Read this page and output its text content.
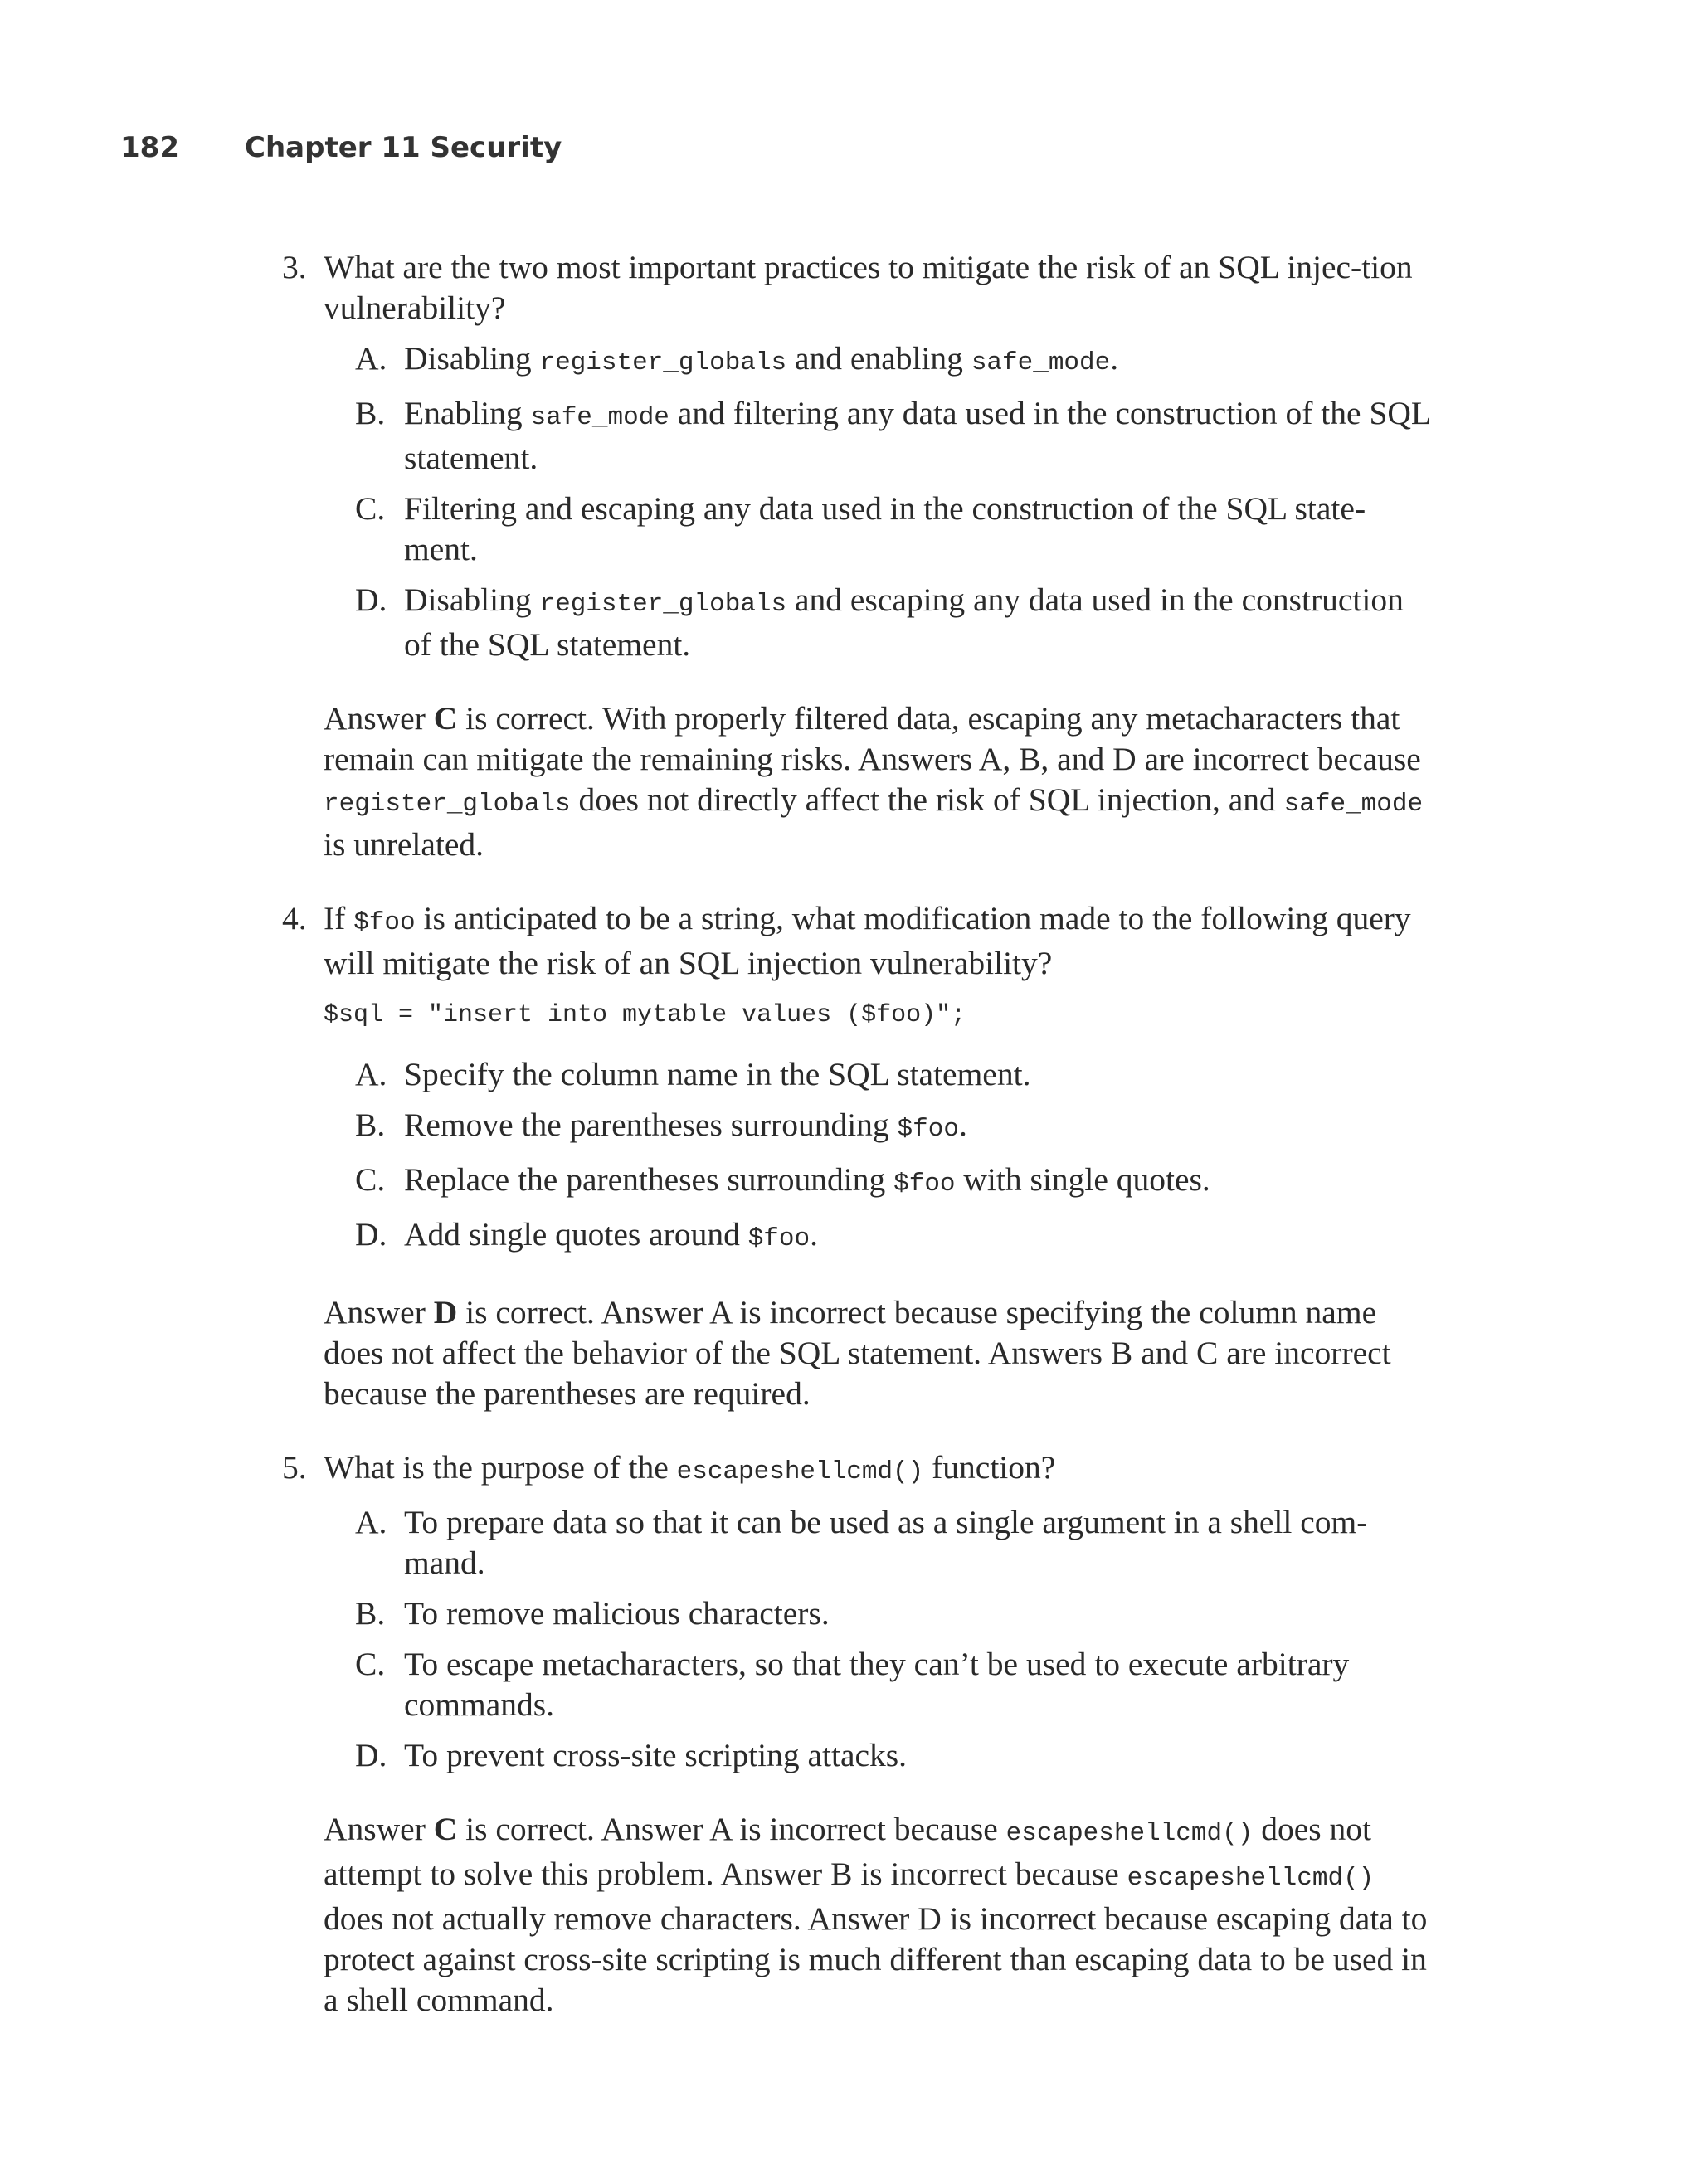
182 Chapter 11 Security
3. What are the two most important practices to mitigate the risk of an SQL injec-tion vulnerability?
A. Disabling register_globals and enabling safe_mode.
B. Enabling safe_mode and filtering any data used in the construction of the SQL statement.
C. Filtering and escaping any data used in the construction of the SQL state-ment.
D. Disabling register_globals and escaping any data used in the construction of the SQL statement.
Answer C is correct. With properly filtered data, escaping any metacharacters that remain can mitigate the remaining risks. Answers A, B, and D are incorrect because register_globals does not directly affect the risk of SQL injection, and safe_mode is unrelated.
4. If $foo is anticipated to be a string, what modification made to the following query will mitigate the risk of an SQL injection vulnerability?
$sql = "insert into mytable values ($foo)";
A. Specify the column name in the SQL statement.
B. Remove the parentheses surrounding $foo.
C. Replace the parentheses surrounding $foo with single quotes.
D. Add single quotes around $foo.
Answer D is correct. Answer A is incorrect because specifying the column name does not affect the behavior of the SQL statement. Answers B and C are incorrect because the parentheses are required.
5. What is the purpose of the escapeshellcmd() function?
A. To prepare data so that it can be used as a single argument in a shell com-mand.
B. To remove malicious characters.
C. To escape metacharacters, so that they can’t be used to execute arbitrary commands.
D. To prevent cross-site scripting attacks.
Answer C is correct. Answer A is incorrect because escapeshellcmd() does not attempt to solve this problem. Answer B is incorrect because escapeshellcmd() does not actually remove characters. Answer D is incorrect because escaping data to protect against cross-site scripting is much different than escaping data to be used in a shell command.
